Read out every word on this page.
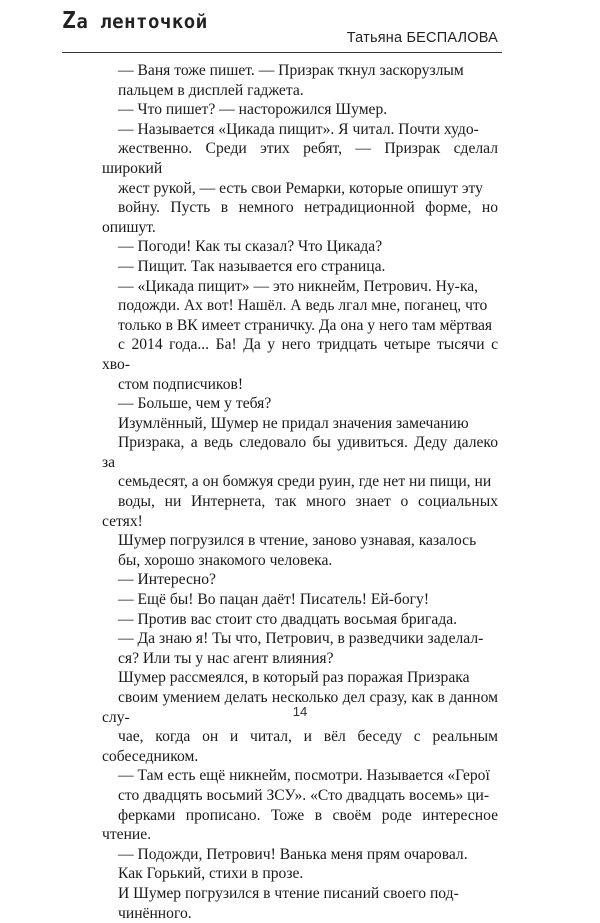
Zа ленточкой
Татьяна БЕСПАЛОВА

— Ваня тоже пишет. — Призрак ткнул заскорузлым

пальцем в дисплей гаджета.

— Что пишет? — насторожился Шумер.

— Называется «Цикада пищит». Я читал. Почти худо-

жественно. Среди этих ребят, — Призрак сделал широкий

жест рукой, — есть свои Ремарки, которые опишут эту

войну. Пусть в немного нетрадиционной форме, но опишут.

— Погоди! Как ты сказал? Что Цикада?

— Пищит. Так называется его страница.

— «Цикада пищит» — это никнейм, Петрович. Ну-ка,

подожди. Ах вот! Нашёл. А ведь лгал мне, поганец, что

только в ВК имеет страничку. Да она у него там мёртвая

с 2014 года... Ба! Да у него тридцать четыре тысячи с хво-

стом подписчиков!

— Больше, чем у тебя?

Изумлённый, Шумер не придал значения замечанию

Призрака, а ведь следовало бы удивиться. Деду далеко за

семьдесят, а он бомжуя среди руин, где нет ни пищи, ни

воды, ни Интернета, так много знает о социальных сетях!

Шумер погрузился в чтение, заново узнавая, казалось

бы, хорошо знакомого человека.

— Интересно?

— Ещё бы! Во пацан даёт! Писатель! Ей-богу!

— Против вас стоит сто двадцать восьмая бригада.

— Да знаю я! Ты что, Петрович, в разведчики заделал-

ся? Или ты у нас агент влияния?

Шумер рассмеялся, в который раз поражая Призрака

своим умением делать несколько дел сразу, как в данном слу-

чае, когда он и читал, и вёл беседу с реальным собеседником.

— Там есть ещё никнейм, посмотри. Называется «Герої

сто двадцять восьмий ЗСУ». «Сто двадцать восемь» ци-

ферками прописано. Тоже в своём роде интересное чтение.

— Подожди, Петрович! Ванька меня прям очаровал.

Как Горький, стихи в прозе.

И Шумер погрузился в чтение писаний своего под-

чинённого.

14
